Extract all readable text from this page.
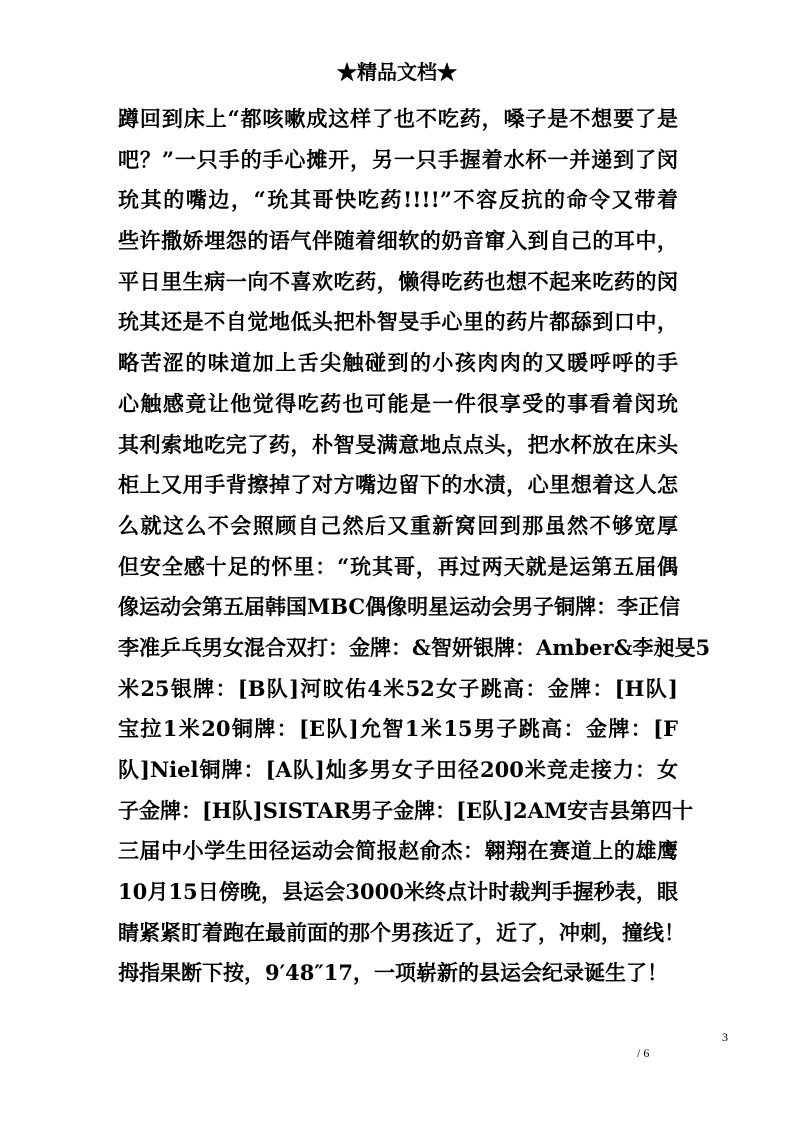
★精品文档★
蹲回到床上“都咳嗽成这样了也不吃药，嗓子是不想要了是
吧？”一只手的手心摊开，另一只手握着水杯一并递到了闵
玧其的嘴边，“玧其哥快吃药!!!!”不容反抗的命令又带着
些许撒娇埋怨的语气伴随着细软的奶音窜入到自己的耳中，
平日里生病一向不喜欢吃药，懒得吃药也想不起来吃药的闵
玧其还是不自觉地低头把朴智旻手心里的药片都舔到口中，
略苦涩的味道加上舌尖触碰到的小孩肉肉的又暖呼呼的手
心触感竟让他觉得吃药也可能是一件很享受的事看着闵玧
其利索地吃完了药，朴智旻满意地点点头，把水杯放在床头
柜上又用手背擦掉了对方嘴边留下的水渍，心里想着这人怎
么就这么不会照顾自己然后又重新窝回到那虽然不够宽厚
但安全感十足的怀里：“玧其哥，再过两天就是运第五届偶
像运动会第五届韩国MBC偶像明星运动会男子铜牌：李正信
李准乒乓男女混合双打：金牌：&智妍银牌：Amber&李昶旻5
米25银牌：[B队]河旼佑4米52女子跳高：金牌：[H队]
宝拉1米20铜牌：[E队]允智1米15男子跳高：金牌：[F
队]Niel铜牌：[A队]灿多男女子田径200米竞走接力：女
子金牌：[H队]SISTAR男子金牌：[E队]2AM安吉县第四十
三届中小学生田径运动会简报赵俞杰：翱翔在赛道上的雄鹰
10月15日傍晚，县运会3000米终点计时裁判手握秒表，眼
睛紧紧盯着跑在最前面的那个男孩近了，近了，冲刺，撞线！
拇指果断下按，9′48″17，一项崭新的县运会纪录诞生了！
3
/ 6
